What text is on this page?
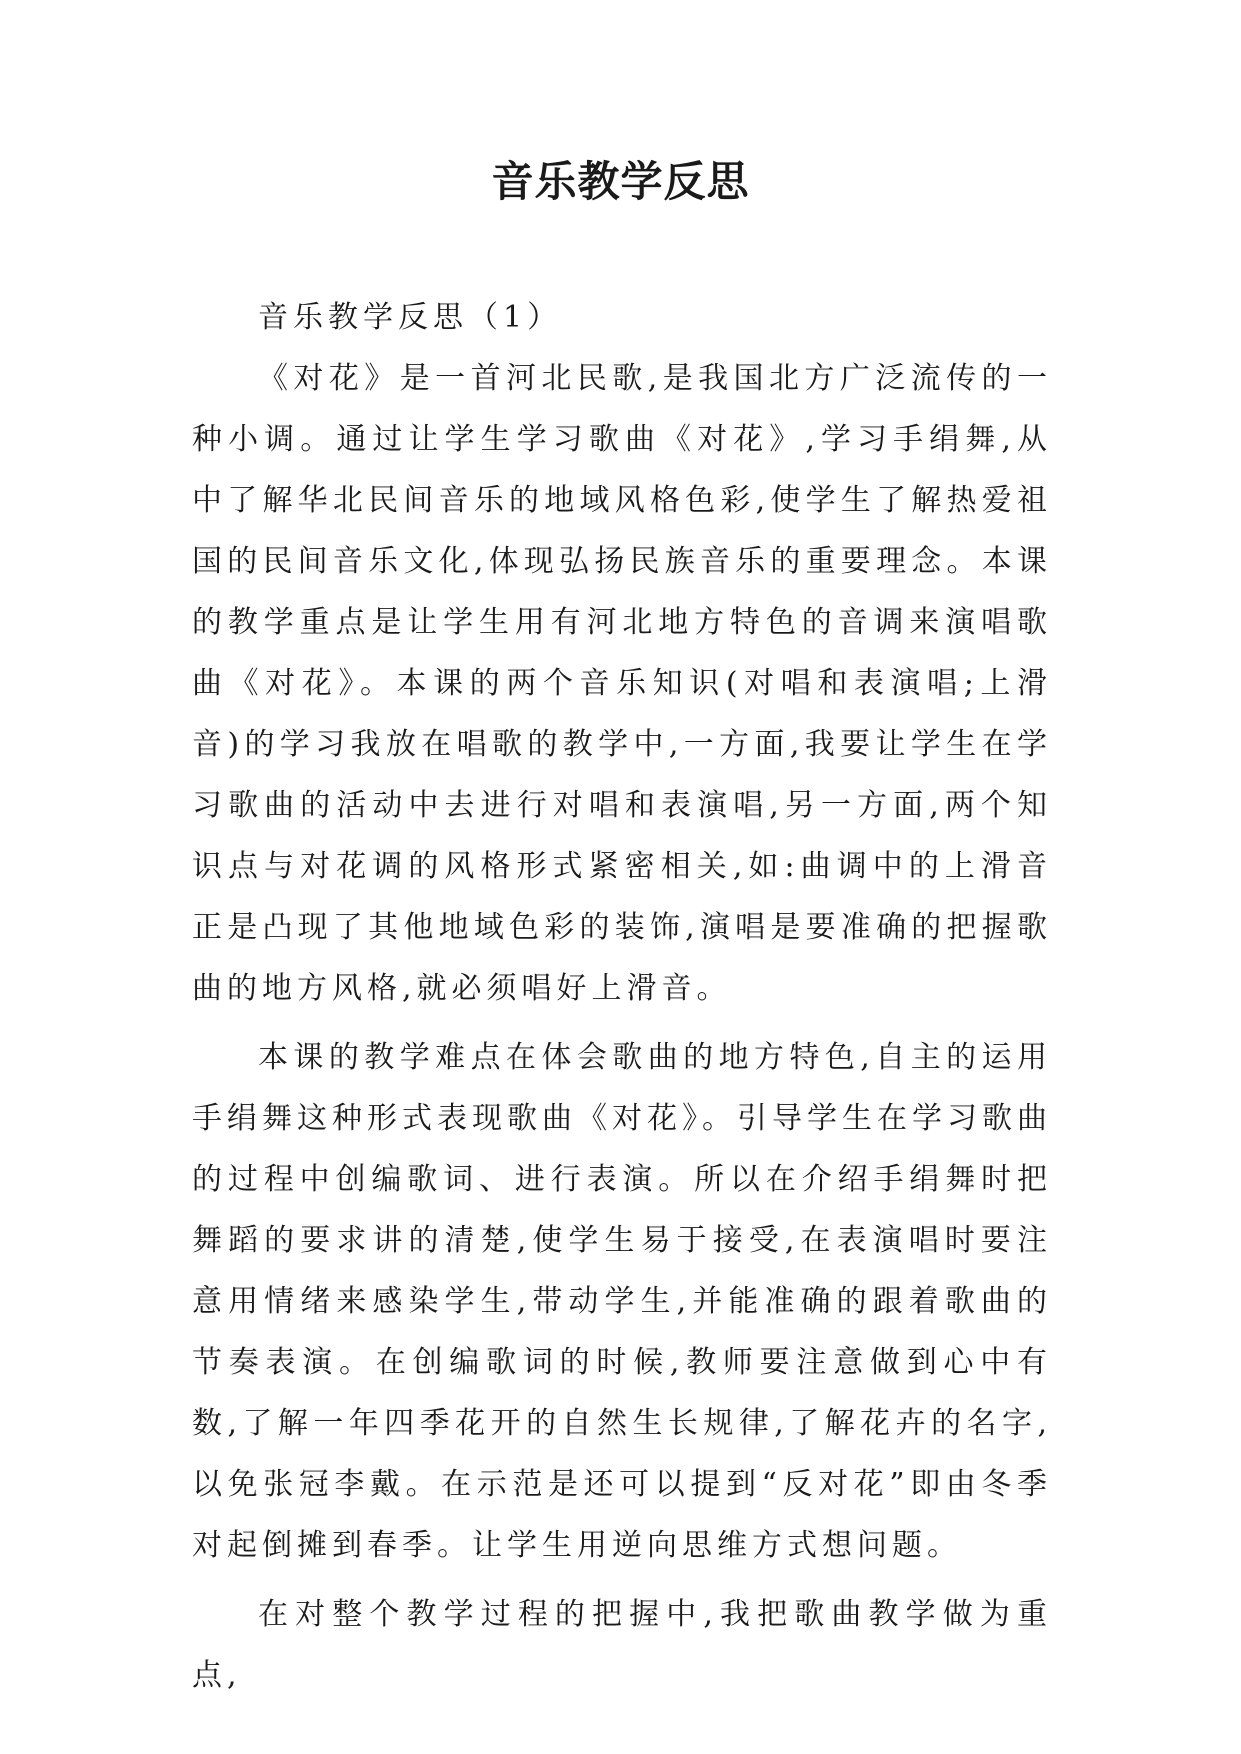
音乐教学反思
音乐教学反思（1）

《对花》是一首河北民歌,是我国北方广泛流传的一种小调。通过让学生学习歌曲《对花》,学习手绢舞,从中了解华北民间音乐的地域风格色彩,使学生了解热爱祖国的民间音乐文化,体现弘扬民族音乐的重要理念。本课的教学重点是让学生用有河北地方特色的音调来演唱歌曲《对花》。本课的两个音乐知识(对唱和表演唱;上滑音)的学习我放在唱歌的教学中,一方面,我要让学生在学习歌曲的活动中去进行对唱和表演唱,另一方面,两个知识点与对花调的风格形式紧密相关,如:曲调中的上滑音正是凸现了其他地域色彩的装饰,演唱是要准确的把握歌曲的地方风格,就必须唱好上滑音。

本课的教学难点在体会歌曲的地方特色,自主的运用手绢舞这种形式表现歌曲《对花》。引导学生在学习歌曲的过程中创编歌词、进行表演。所以在介绍手绢舞时把舞蹈的要求讲的清楚,使学生易于接受,在表演唱时要注意用情绪来感染学生,带动学生,并能准确的跟着歌曲的节奏表演。在创编歌词的时候,教师要注意做到心中有数,了解一年四季花开的自然生长规律,了解花卉的名字,以免张冠李戴。在示范是还可以提到“反对花”即由冬季对起倒摊到春季。让学生用逆向思维方式想问题。

在对整个教学过程的把握中,我把歌曲教学做为重点,
